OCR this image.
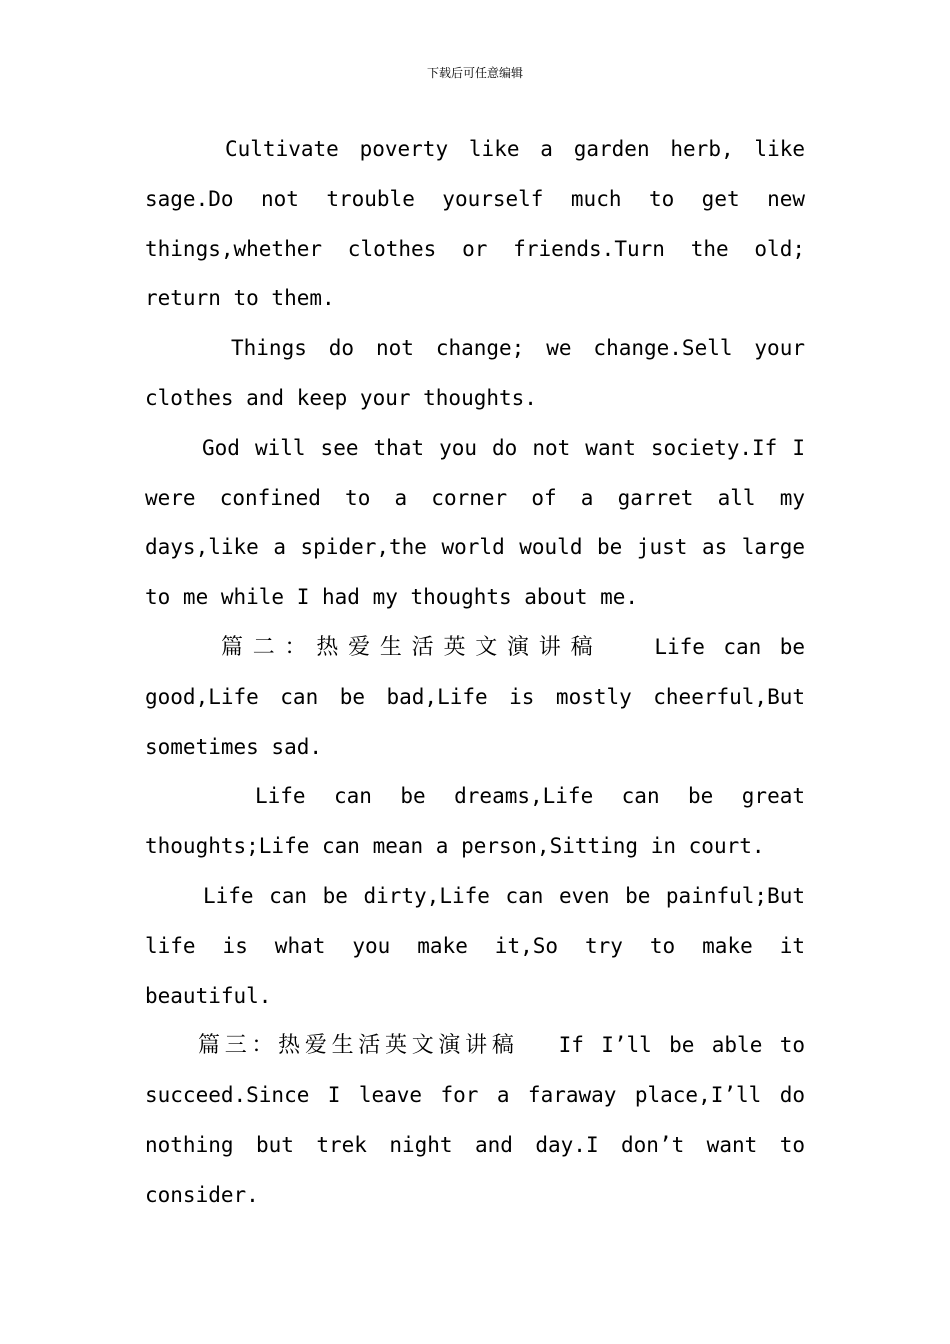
下载后可任意编辑

Cultivate poverty like a garden herb, like sage.Do not trouble yourself much to get new things,whether clothes or friends.Turn the old; return to them.

Things do not change; we change.Sell your clothes and keep your thoughts.

God will see that you do not want society.If I were confined to a corner of a garret all my days,like a spider,the world would be just as large to me while I had my thoughts about me.

篇二：热爱生活英文演讲稿 Life can be good,Life can be bad,Life is mostly cheerful,But sometimes sad.

Life can be dreams,Life can be great thoughts;Life can mean a person,Sitting in court.

Life can be dirty,Life can even be painful;But life is what you make it,So try to make it beautiful.

篇三：热爱生活英文演讲稿 If I’ll be able to succeed.Since I leave for a faraway place,I’ll do nothing but trek night and day.I don’t want to consider.
